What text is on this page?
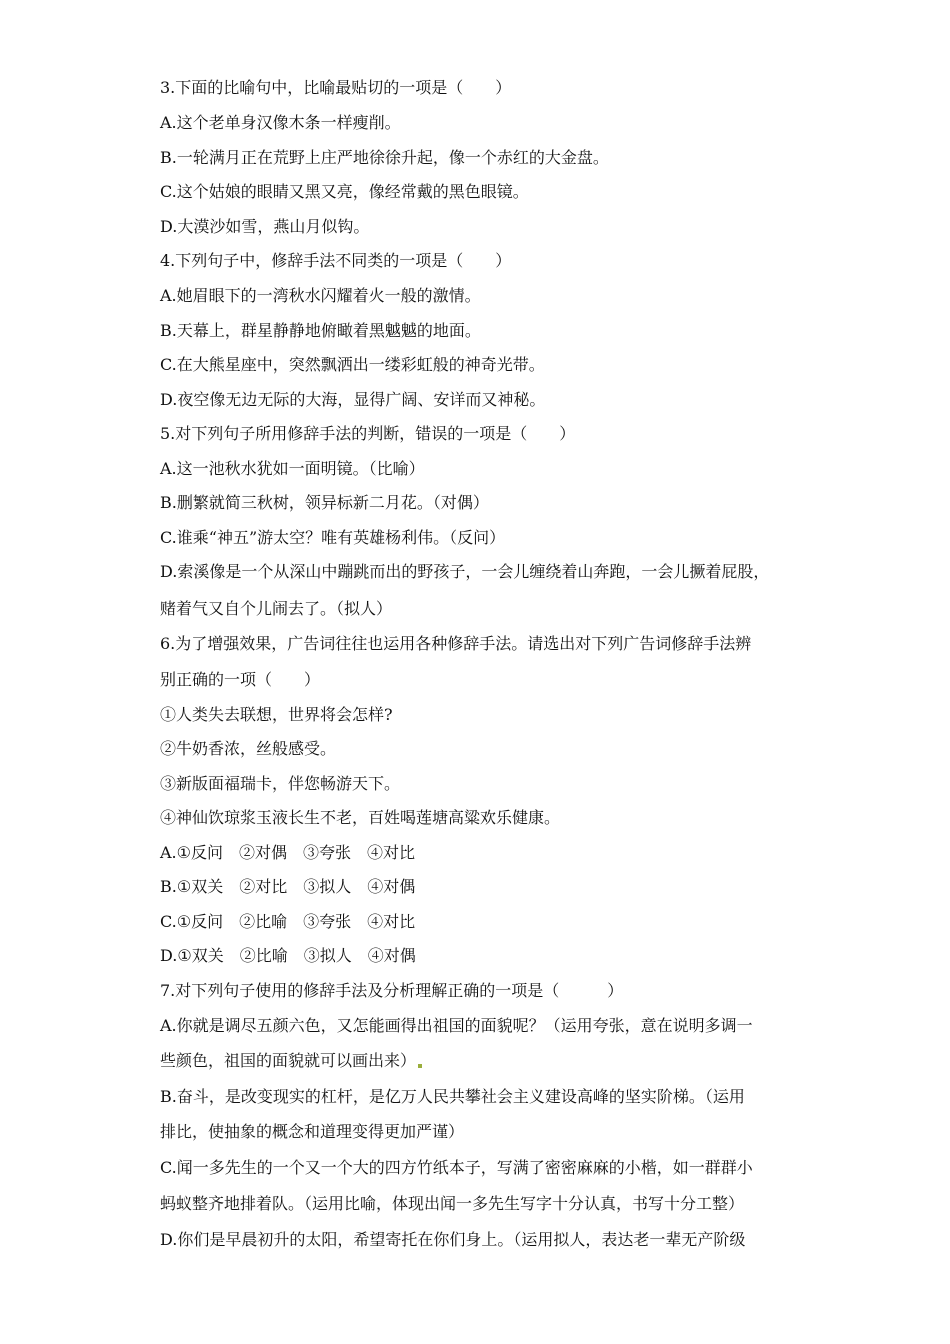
3.下面的比喻句中，比喻最贴切的一项是（　　）
A.这个老单身汉像木条一样瘦削。
B.一轮满月正在荒野上庄严地徐徐升起，像一个赤红的大金盘。
C.这个姑娘的眼睛又黑又亮，像经常戴的黑色眼镜。
D.大漠沙如雪，燕山月似钩。
4.下列句子中，修辞手法不同类的一项是（　　）
A.她眉眼下的一湾秋水闪耀着火一般的激情。
B.天幕上，群星静静地俯瞰着黑魆魆的地面。
C.在大熊星座中，突然飘洒出一缕彩虹般的神奇光带。
D.夜空像无边无际的大海，显得广阔、安详而又神秘。
5.对下列句子所用修辞手法的判断，错误的一项是（　　）
A.这一池秋水犹如一面明镜。（比喻）
B.删繁就简三秋树，领异标新二月花。（对偶）
C.谁乘“神五”游太空？唯有英雄杨利伟。（反问）
D.索溪像是一个从深山中蹦跳而出的野孩子，一会儿缠绕着山奔跑，一会儿撅着屁股，
赌着气又自个儿闹去了。（拟人）
6.为了增强效果，广告词往往也运用各种修辞手法。请选出对下列广告词修辞手法辨
别正确的一项（　　）
①人类失去联想，世界将会怎样?
②牛奶香浓，丝般感受。
③新版面福瑞卡，伴您畅游天下。
④神仙饮琼浆玉液长生不老，百姓喝莲塘高粱欢乐健康。
A.①反问　②对偶　③夸张　④对比
B.①双关　②对比　③拟人　④对偶
C.①反问　②比喻　③夸张　④对比
D.①双关　②比喻　③拟人　④对偶
7.对下列句子使用的修辞手法及分析理解正确的一项是（　　　）
A.你就是调尽五颜六色，又怎能画得出祖国的面貌呢？（运用夸张，意在说明多调一
些颜色，祖国的面貌就可以画出来）
B.奋斗，是改变现实的杠杆，是亿万人民共攀社会主义建设高峰的坚实阶梯。（运用
排比，使抽象的概念和道理变得更加严谨）
C.闻一多先生的一个又一个大的四方竹纸本子，写满了密密麻麻的小楷，如一群群小
蚂蚁整齐地排着队。（运用比喻，体现出闻一多先生写字十分认真，书写十分工整）
D.你们是早晨初升的太阳，希望寄托在你们身上。（运用拟人，表达老一辈无产阶级
